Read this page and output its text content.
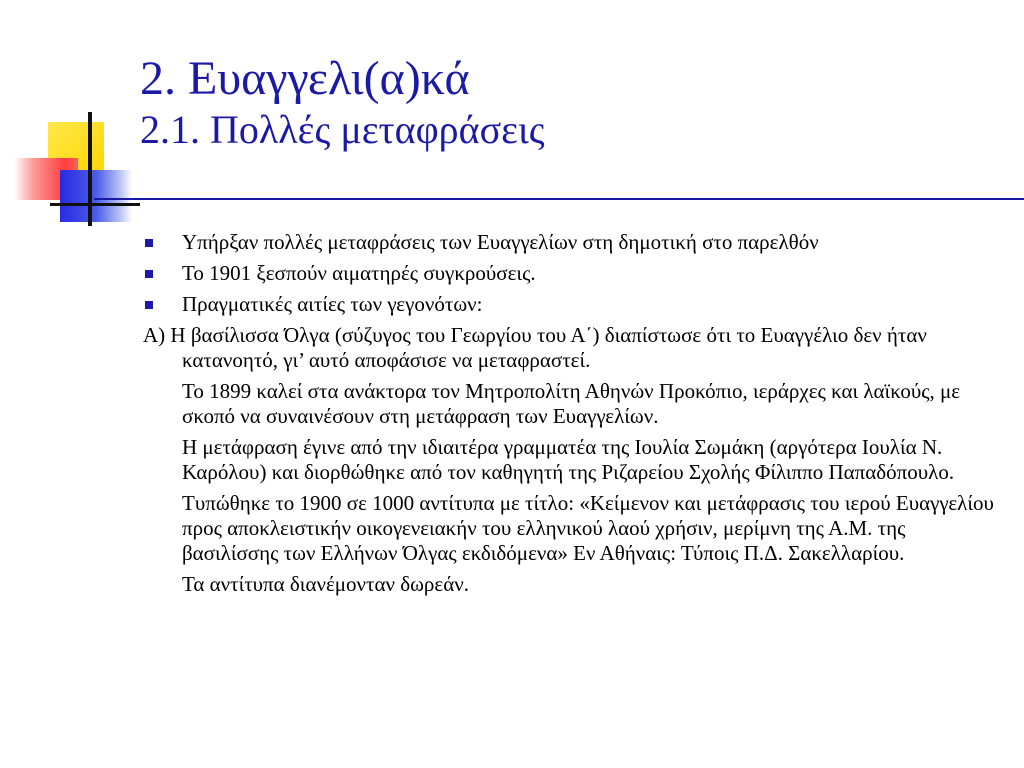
2. Ευαγγελι(α)κά
2.1. Πολλές μεταφράσεις
Υπήρξαν πολλές μεταφράσεις των Ευαγγελίων στη δημοτική στο παρελθόν
Το 1901 ξεσπούν αιματηρές συγκρούσεις.
Πραγματικές αιτίες των γεγονότων:
Α) Η βασίλισσα Όλγα (σύζυγος του Γεωργίου του Α΄) διαπίστωσε ότι το Ευαγγέλιο δεν ήταν κατανοητό, γι’ αυτό αποφάσισε να μεταφραστεί.
Το 1899 καλεί στα ανάκτορα τον Μητροπολίτη Αθηνών Προκόπιο, ιεράρχες και λαϊκούς, με σκοπό να συναινέσουν στη μετάφραση των Ευαγγελίων.
Η μετάφραση έγινε από την ιδιαιτέρα γραμματέα της Ιουλία Σωμάκη (αργότερα Ιουλία Ν. Καρόλου) και διορθώθηκε από τον καθηγητή της Ριζαρείου Σχολής Φίλιππο Παπαδόπουλο.
Τυπώθηκε το 1900 σε 1000 αντίτυπα με τίτλο: «Κείμενον και μετάφρασις του ιερού Ευαγγελίου προς αποκλειστικήν οικογενειακήν του ελληνικού λαού χρήσιν, μερίμνη της Α.Μ. της βασιλίσσης των Ελλήνων Όλγας εκδιδόμενα» Εν Αθήναις: Τύποις Π.Δ. Σακελλαρίου.
Τα αντίτυπα διανέμονταν δωρεάν.
